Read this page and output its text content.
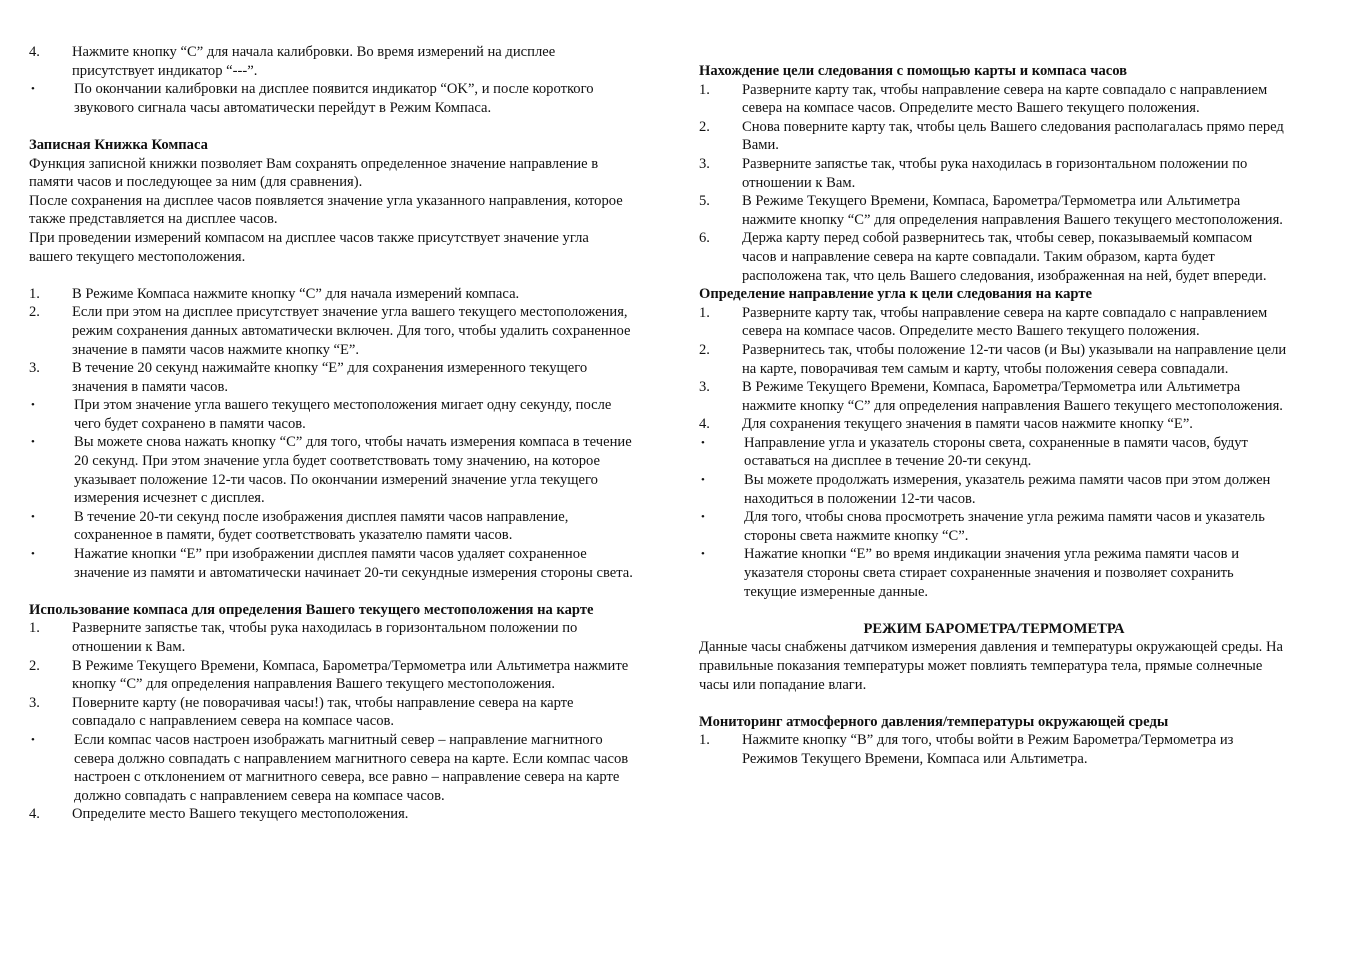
4.	Нажмите кнопку “C” для начала калибровки. Во время измерений на дисплее присутствует индикатор “---”.
•	По окончании калибровки на дисплее появится индикатор “OK”, и после короткого звукового сигнала часы автоматически перейдут в Режим Компаса.
Записная Книжка Компаса
Функция записной книжки позволяет Вам сохранять определенное значение направление в памяти часов и последующее за ним (для сравнения).
После сохранения на дисплее часов появляется значение угла указанного направления, которое также представляется на дисплее часов.
При проведении измерений компасом на дисплее часов также присутствует значение угла вашего текущего местоположения.
1.	В Режиме Компаса нажмите кнопку “C” для начала измерений компаса.
2.	Если при этом на дисплее присутствует значение угла вашего текущего местоположения, режим сохранения данных автоматически включен. Для того, чтобы удалить сохраненное значение в памяти часов нажмите кнопку “E”.
3.	В течение 20 секунд нажимайте кнопку “E” для сохранения измеренного текущего значения в памяти часов.
•	При этом значение угла вашего текущего местоположения мигает одну секунду, после чего будет сохранено в памяти часов.
•	Вы можете снова нажать кнопку “C” для того, чтобы начать измерения компаса в течение 20 секунд. При этом значение угла будет соответствовать тому значению, на которое указывает положение 12-ти часов. По окончании измерений значение угла текущего измерения исчезнет с дисплея.
•	В течение 20-ти секунд после изображения дисплея памяти часов направление, сохраненное в памяти, будет соответствовать указателю памяти часов.
•	Нажатие кнопки “E” при изображении дисплея памяти часов удаляет сохраненное значение из памяти и автоматически начинает 20-ти секундные измерения стороны света.
Использование компаса для определения Вашего текущего местоположения на карте
1.	Разверните запястье так, чтобы рука находилась в горизонтальном положении по отношении к Вам.
2.	В Режиме Текущего Времени, Компаса, Барометра/Термометра или Альтиметра нажмите кнопку “C” для определения направления Вашего текущего местоположения.
3.	Поверните карту (не поворачивая часы!) так, чтобы направление севера на карте совпадало с направлением севера на компасе часов.
•	Если компас часов настроен изображать магнитный север – направление магнитного севера должно совпадать с направлением магнитного севера на карте. Если компас часов настроен с отклонением от магнитного севера, все равно – направление севера на карте должно совпадать с направлением севера на компасе часов.
4.	Определите место Вашего текущего местоположения.
Нахождение цели следования с помощью карты и компаса часов
1.	Разверните карту так, чтобы направление севера на карте совпадало с направлением севера на компасе часов. Определите место Вашего текущего положения.
2.	Снова поверните карту так, чтобы цель Вашего следования располагалась прямо перед Вами.
3.	Разверните запястье так, чтобы рука находилась в горизонтальном положении по отношении к Вам.
5.	В Режиме Текущего Времени, Компаса, Барометра/Термометра или Альтиметра нажмите кнопку “C” для определения направления Вашего текущего местоположения.
6.	Держа карту перед собой развернитесь так, чтобы север, показываемый компасом часов и направление севера на карте совпадали. Таким образом, карта будет расположена так, что цель Вашего следования, изображенная на ней, будет впереди.
Определение направление угла к цели следования на карте
1.	Разверните карту так, чтобы направление севера на карте совпадало с направлением севера на компасе часов. Определите место Вашего текущего положения.
2.	Развернитесь так, чтобы положение 12-ти часов (и Вы) указывали на направление цели на карте, поворачивая тем самым и карту, чтобы положения севера совпадали.
3.	В Режиме Текущего Времени, Компаса, Барометра/Термометра или Альтиметра нажмите кнопку “C” для определения направления Вашего текущего местоположения.
4.	Для сохранения текущего значения в памяти часов нажмите кнопку “E”.
•	Направление угла и указатель стороны света, сохраненные в памяти часов, будут оставаться на дисплее в течение 20-ти секунд.
•	Вы можете продолжать измерения, указатель режима памяти часов при этом должен находиться в положении 12-ти часов.
•	Для того, чтобы снова просмотреть значение угла режима памяти часов и указатель стороны света нажмите кнопку “C”.
•	Нажатие кнопки “E” во время индикации значения угла режима памяти часов и указателя стороны света стирает сохраненные значения и позволяет сохранить текущие измеренные данные.
РЕЖИМ БАРОМЕТРА/ТЕРМОМЕТРА
Данные часы снабжены датчиком измерения давления и температуры окружающей среды. На правильные показания температуры может повлиять температура тела, прямые солнечные часы или попадание влаги.
Мониторинг атмосферного давления/температуры окружающей среды
1.	Нажмите кнопку “B” для того, чтобы войти в Режим Барометра/Термометра из Режимов Текущего Времени, Компаса или Альтиметра.
